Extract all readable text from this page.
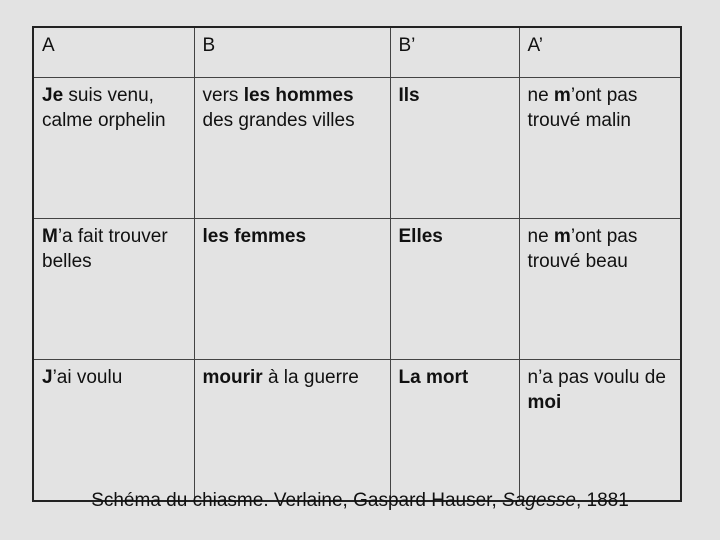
A	B	B’	A’
Je suis venu, calme orphelin	vers les hommes des grandes villes	Ils	ne m’ont pas trouvé malin
M’a fait trouver belles	les femmes	Elles	ne m’ont pas trouvé beau
J’ai voulu	mourir à la guerre	La mort	n’a pas voulu de moi
Schéma du chiasme. Verlaine, Gaspard Hauser, Sagesse, 1881
